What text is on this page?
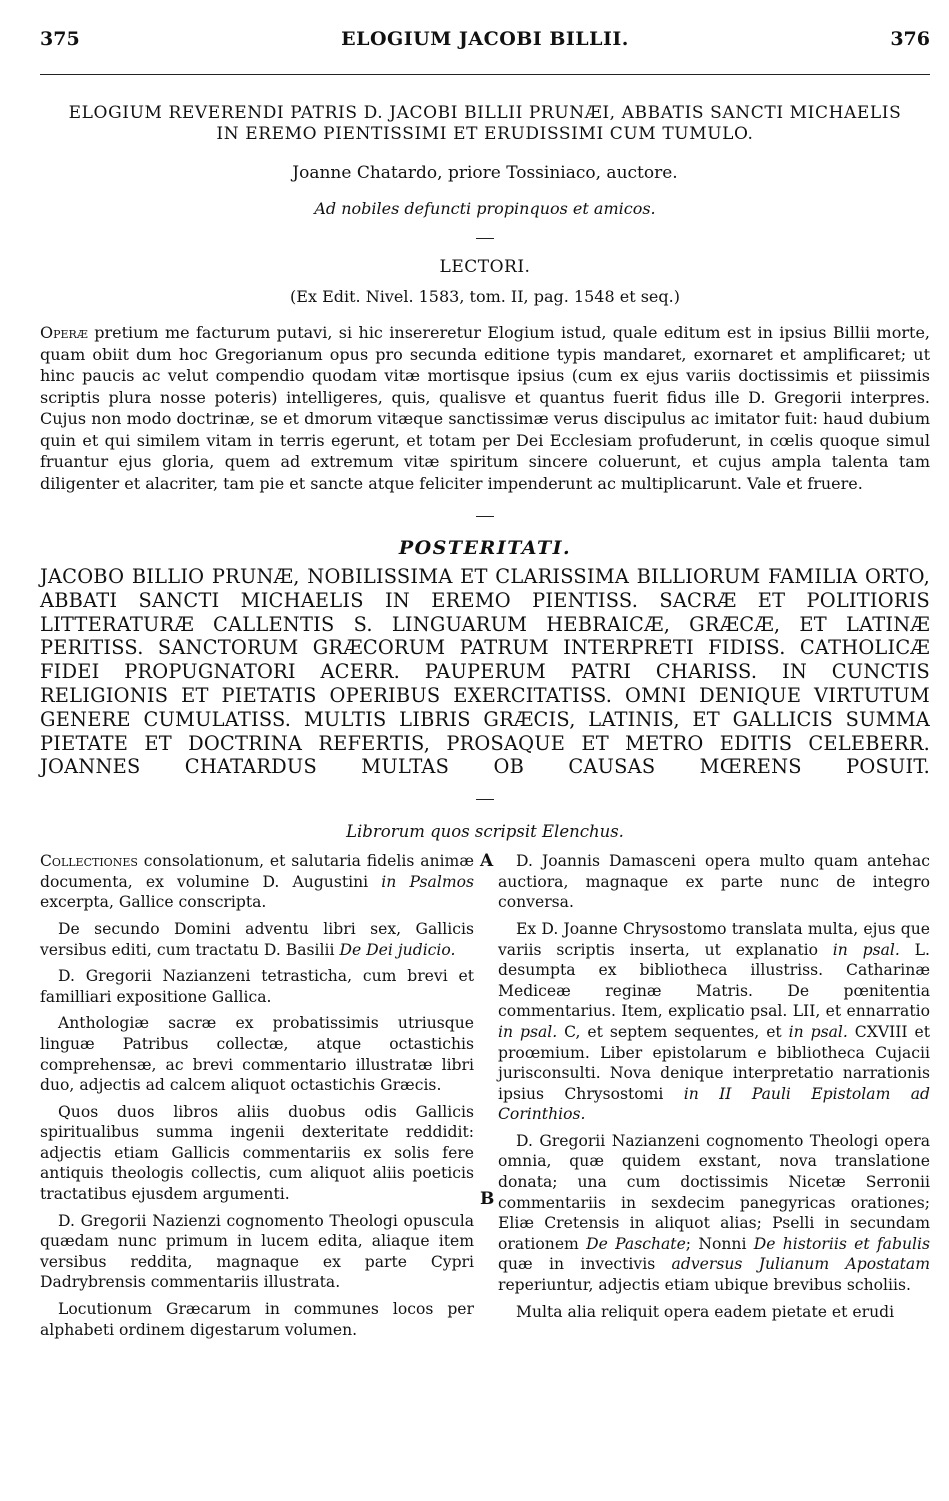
375	ELOGIUM JACOBI BILLII.	376
ELOGIUM REVERENDI PATRIS D. JACOBI BILLII PRUNÆI, ABBATIS SANCTI MICHAELIS IN EREMO PIENTISSIMI ET ERUDISSIMI CUM TUMULO.
Joanne Chatardo, priore Tossiniaco, auctore.
Ad nobiles defuncti propinquos et amicos.
LECTORI.
(Ex Edit. Nivel. 1583, tom. II, pag. 1548 et seq.)
Operæ pretium me facturum putavi, si hic insereretur Elogium istud, quale editum est in ipsius Billii morte, quam obiit dum hoc Gregorianum opus pro secunda editione typis mandaret, exornaret et amplificaret; ut hinc paucis ac velut compendio quodam vitæ mortisque ipsius (cum ex ejus variis doctissimis et piissimis scriptis plura nosse poteris) intelligeres, quis, qualisve et quantus fuerit fidus ille D. Gregorii interpres. Cujus non modo doctrinæ, se et dmorum vitæque sanctissimæ verus discipulus ac imitator fuit: haud dubium quin et qui similem vitam in terris egerunt, et totam per Dei Ecclesiam profuderunt, in cœlis quoque simul fruantur ejus gloria, quem ad extremum vitæ spiritum sincere coluerunt, et cujus ampla talenta tam diligenter et alacriter, tam pie et sancte atque feliciter impenderunt ac multiplicarunt. Vale et fruere.
POSTERITATI.
JACOBO BILLIO PRUNÆ, NOBILISSIMA ET CLARISSIMA BILLIORUM FAMILIA ORTO, ABBATI SANCTI MICHAELIS IN EREMO PIENTISS. SACRÆ ET POLITIORIS LITTERATURÆ CALLENTIS S. LINGUARUM HEBRAICÆ, GRÆCÆ, ET LATINÆ PERITISS. SANCTORUM GRÆCORUM PATRUM INTERPRETI FIDISS. CATHOLICÆ FIDEI PROPUGNATORI ACERR. PAUPERUM PATRI CHARISS. IN CUNCTIS RELIGIONIS ET PIETATIS OPERIBUS EXERCITATISS. OMNI DENIQUE VIRTUTUM GENERE CUMULATISS. MULTIS LIBRIS GRÆCIS, LATINIS, ET GALLICIS SUMMA PIETATE ET DOCTRINA REFERTIS, PROSAQUE ET METRO EDITIS CELEBERR. JOANNES CHATARDUS MULTAS OB CAUSAS MŒRENS POSUIT.
Librorum quos scripsit Elenchus.

Collectiones consolationum, et salutaria fidelis animæ documenta, ex volumine D. Augustini in Psalmos excerpta, Gallice conscripta.

De secundo Domini adventu libri sex, Gallicis versibus editi, cum tractatu D. Basilii De Dei judicio.

D. Gregorii Nazianzeni tetrasticha, cum brevi et familliari expositione Gallica.

Anthologiæ sacræ ex probatissimis utriusque linguæ Patribus collectæ, atque octastichis comprehensæ, ac brevi commentario illustratæ libri duo, adjectis ad calcem aliquot octastichis Græcis.

Quos duos libros aliis duobus odis Gallicis spiritualibus summa ingenii dexteritate reddidit: adjectis etiam Gallicis commentariis ex solis fere antiquis theologis collectis, cum aliquot aliis poeticis tractatibus ejusdem argumenti.

D. Gregorii Nazienzi cognomento Theologi opuscula quædam nunc primum in lucem edita, aliaque item versibus reddita, magnaque ex parte Cypri Dadrybrensis commentariis illustrata.

Locutionum Græcarum in communes locos per alphabeti ordinem digestarum volumen.

A
B

D. Joannis Damasceni opera multo quam antehac auctiora, magnaque ex parte nunc de integro conversa.

Ex D. Joanne Chrysostomo translata multa, ejus que variis scriptis inserta, ut explanatio in psal. L. desumpta ex bibliotheca illustriss. Catharinæ Mediceæ reginæ Matris. De pœnitentia commentarius. Item, explicatio psal. LII, et ennarratio in psal. C, et septem sequentes, et in psal. CXVIII et proœmium. Liber epistolarum e bibliotheca Cujacii jurisconsulti. Nova denique interpretatio narrationis ipsius Chrysostomi in II Pauli Epistolam ad Corinthios.

D. Gregorii Nazianzeni cognomento Theologi opera omnia, quæ quidem exstant, nova translatione donata; una cum doctissimis Nicetæ Serronii commentariis in sexdecim panegyricas orationes; Eliæ Cretensis in aliquot alias; Pselli in secundam orationem De Paschate; Nonni De historiis et fabulis quæ in invectivis adversus Julianum Apostatam reperiuntur, adjectis etiam ubique brevibus scholiis.

Multa alia reliquit opera eadem pietate et erudi
